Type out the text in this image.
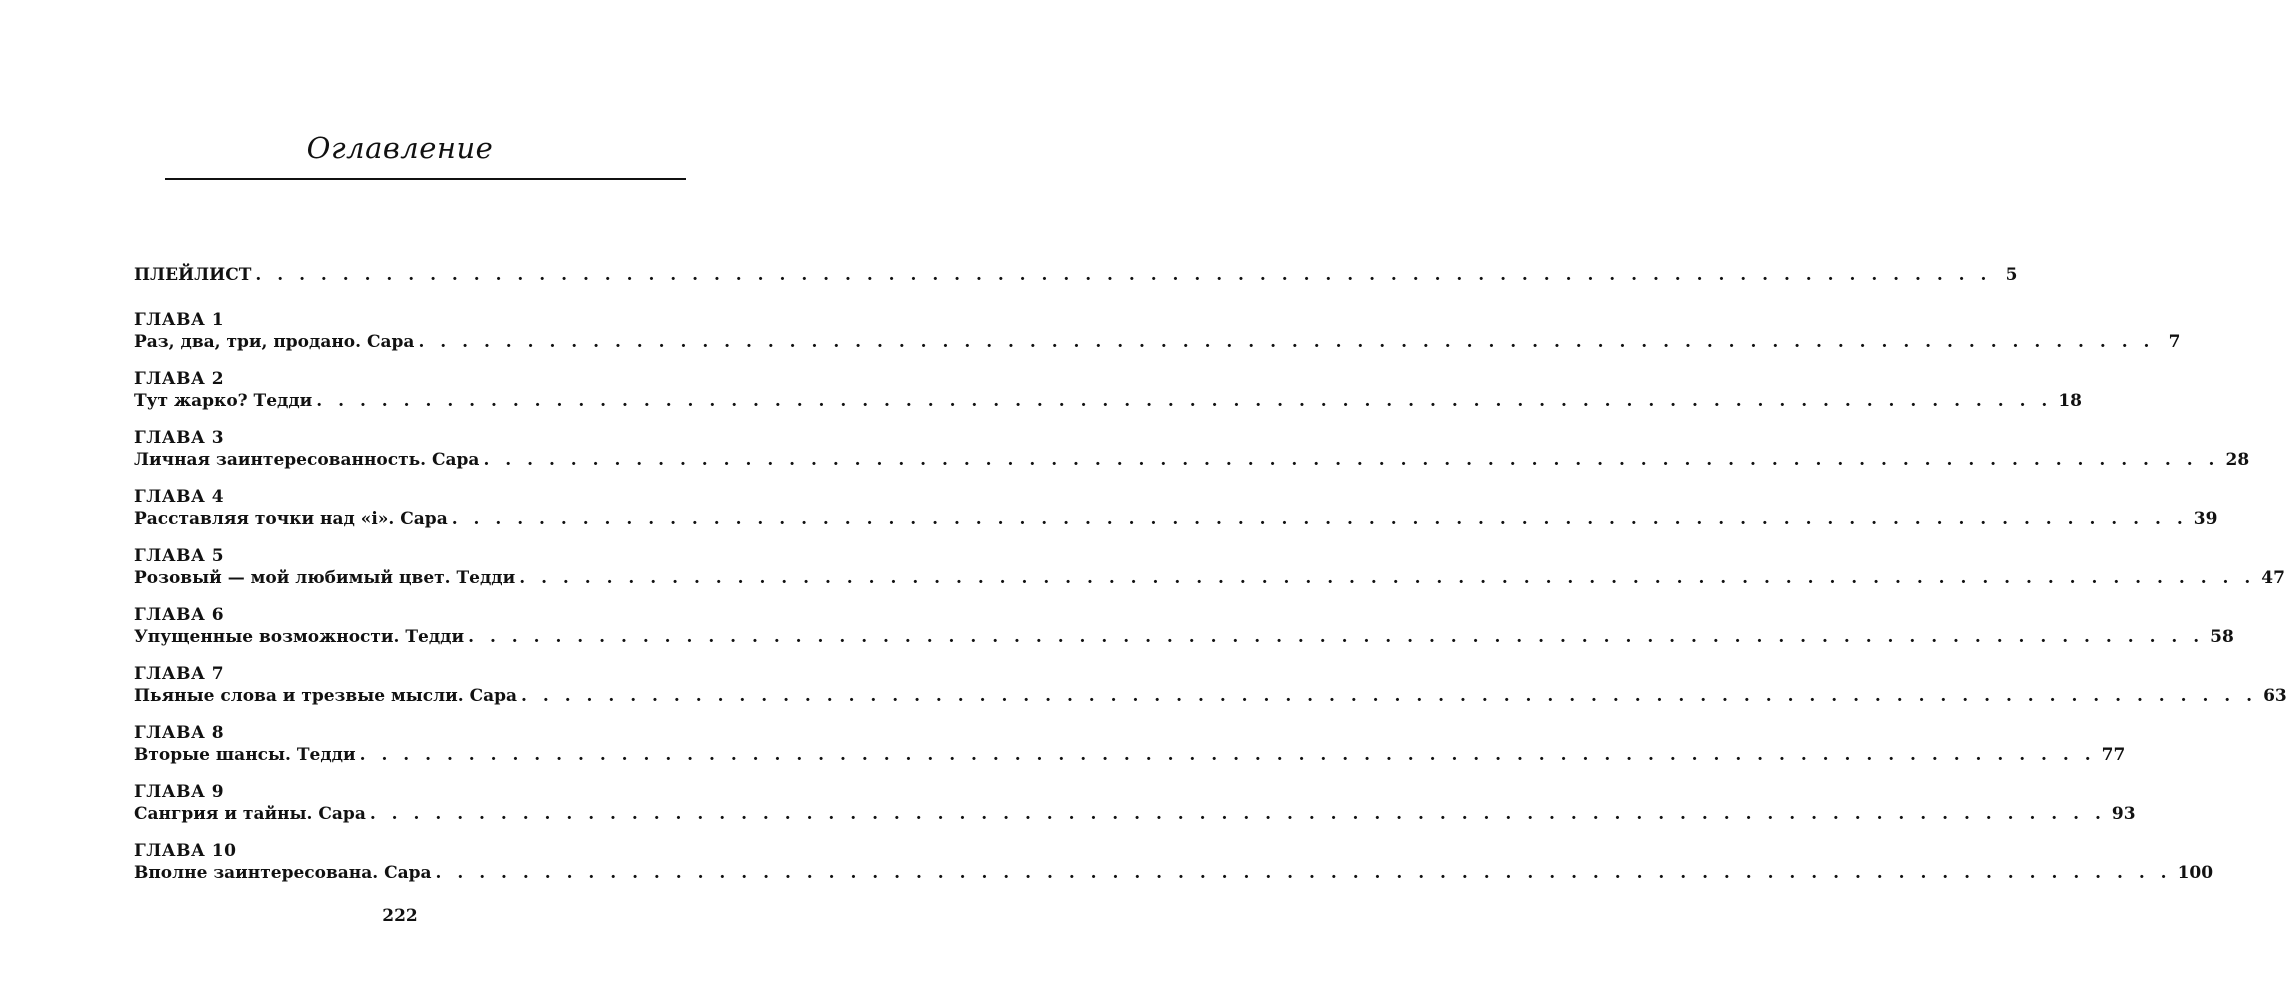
Оглавление
ПЛЕЙЛИСТ . . . . . . . . . . . . . . . . . . . . . . . . . . . . . . . . . . . . . . . . . . . . . . . . . . . . . . . . . . . . . . . . . . . . . . . . . . . . . . . . 5
ГЛАВА 1
Раз, два, три, продано. Сара . . . . . . . . . . . . . . . . . . . . . . . . . . . . . . . . . . . . . . . . . . . . . . . . . . . . . . . . . . . . . . . . . . . . . . . . . . . . . . . . 7
ГЛАВА 2
Тут жарко? Тедди . . . . . . . . . . . . . . . . . . . . . . . . . . . . . . . . . . . . . . . . . . . . . . . . . . . . . . . . . . . . . . . . . . . . . . . . . . . . . . . . 18
ГЛАВА 3
Личная заинтересованность. Сара . . . . . . . . . . . . . . . . . . . . . . . . . . . . . . . . . . . . . . . . . . . . . . . . . . . . . . . . . . . . . . . . . . . . . . . . . . . . . . . . 28
ГЛАВА 4
Расставляя точки над «i». Сара . . . . . . . . . . . . . . . . . . . . . . . . . . . . . . . . . . . . . . . . . . . . . . . . . . . . . . . . . . . . . . . . . . . . . . . . . . . . . . . . 39
ГЛАВА 5
Розовый — мой любимый цвет. Тедди . . . . . . . . . . . . . . . . . . . . . . . . . . . . . . . . . . . . . . . . . . . . . . . . . . . . . . . . . . . . . . . . . . . . . . . . . . . . . . . . 47
ГЛАВА 6
Упущенные возможности. Тедди . . . . . . . . . . . . . . . . . . . . . . . . . . . . . . . . . . . . . . . . . . . . . . . . . . . . . . . . . . . . . . . . . . . . . . . . . . . . . . . . 58
ГЛАВА 7
Пьяные слова и трезвые мысли. Сара . . . . . . . . . . . . . . . . . . . . . . . . . . . . . . . . . . . . . . . . . . . . . . . . . . . . . . . . . . . . . . . . . . . . . . . . . . . . . . . . 63
ГЛАВА 8
Вторые шансы. Тедди . . . . . . . . . . . . . . . . . . . . . . . . . . . . . . . . . . . . . . . . . . . . . . . . . . . . . . . . . . . . . . . . . . . . . . . . . . . . . . . . 77
ГЛАВА 9
Сангрия и тайны. Сара . . . . . . . . . . . . . . . . . . . . . . . . . . . . . . . . . . . . . . . . . . . . . . . . . . . . . . . . . . . . . . . . . . . . . . . . . . . . . . . . 93
ГЛАВА 10
Вполне заинтересована. Сара . . . . . . . . . . . . . . . . . . . . . . . . . . . . . . . . . . . . . . . . . . . . . . . . . . . . . . . . . . . . . . . . . . . . . . . . . . . . . . . . 100
222
